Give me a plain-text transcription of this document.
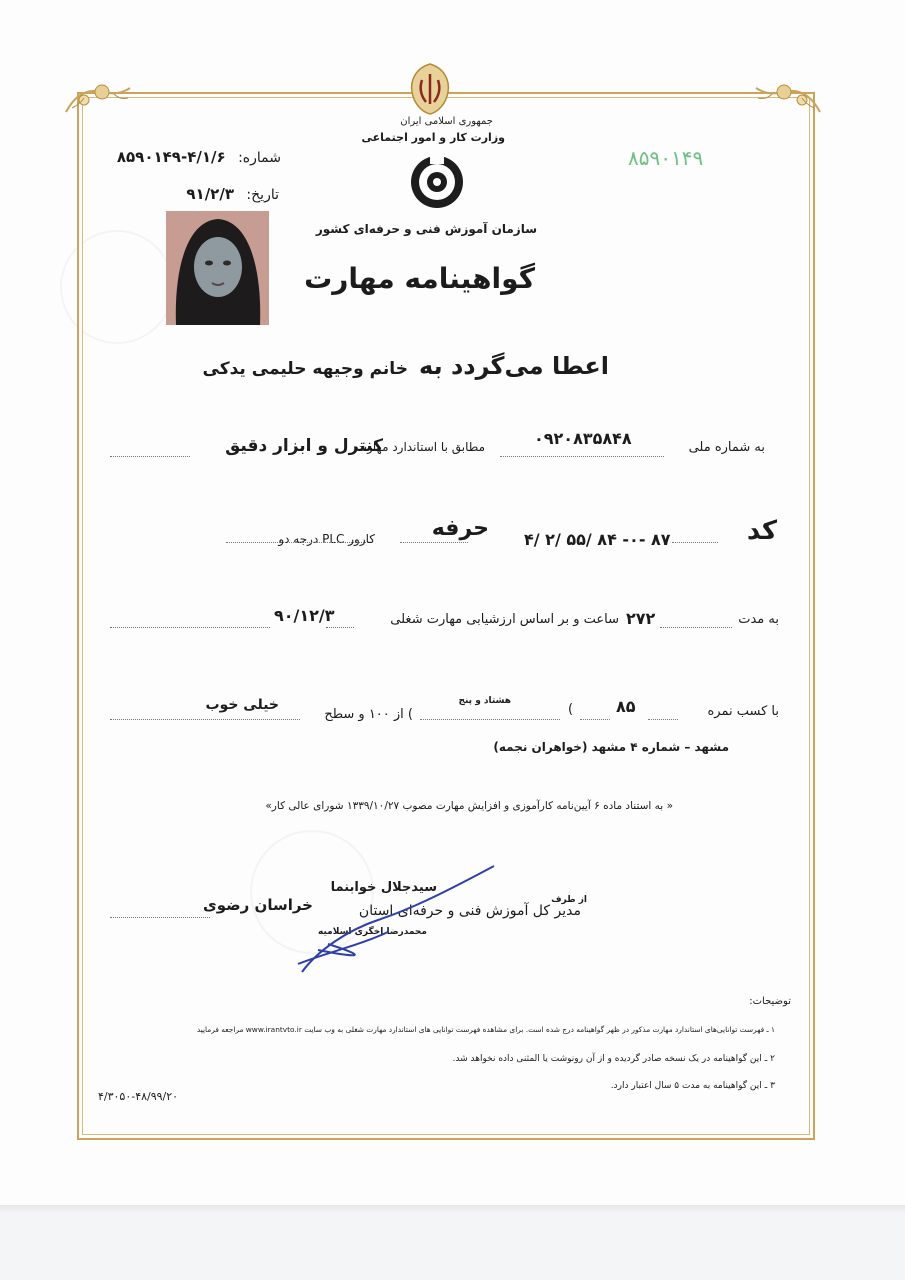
جمهوری اسلامی ایران
وزارت کار و امور اجتماعی
سازمان آموزش فنی و حرفه‌ای کشور
شماره: ۴/۱/۶-۸۵۹۰۱۴۹
تاریخ: ۹۱/۲/۳
۸۵۹۰۱۴۹
گواهینامه مهارت
اعطا می‌گردد به خانم وجیهه حلیمی یدکی
به شماره ملی
۰۹۲۰۸۳۵۸۴۸
مطابق با استاندارد مهارت
کنترل و ابزار دقیق
کد
۴/ ۲/ ۵۵/ ۸۴ -۰- ۸۷
حرفه
کارور PLC درجه دو
به مدت
۲۷۲
ساعت و بر اساس ارزشیابی مهارت شغلی
۹۰/۱۲/۳
با کسب نمره
۸۵
(
هشتاد و پنج
) از ۱۰۰ و سطح
خیلی خوب
مشهد – شماره ۴ مشهد (خواهران نجمه)
« به استناد ماده ۶ آیین‌نامه کارآموزی و افزایش مهارت مصوب ۱۳۳۹/۱۰/۲۷ شورای عالی کار»
سیدجلال خوابنما
از طرف
مدیر کل آموزش فنی و حرفه‌ای استان
خراسان رضوی
محمدرضا اخگری اسلامیه
توضیحات:
۱ ـ فهرست توانایی‌های استاندارد مهارت مذکور در ظهر گواهینامه درج شده است. برای مشاهده فهرست توانایی های استاندارد مهارت شغلی به وب سایت www.irantvto.ir مراجعه فرمایید
۲ ـ این گواهینامه در یک نسخه صادر گردیده و از آن رونوشت یا المثنی داده نخواهد شد.
۳ ـ این گواهینامه به مدت ۵ سال اعتبار دارد.
۴/۳۰۵۰-۴۸/۹۹/۲۰
